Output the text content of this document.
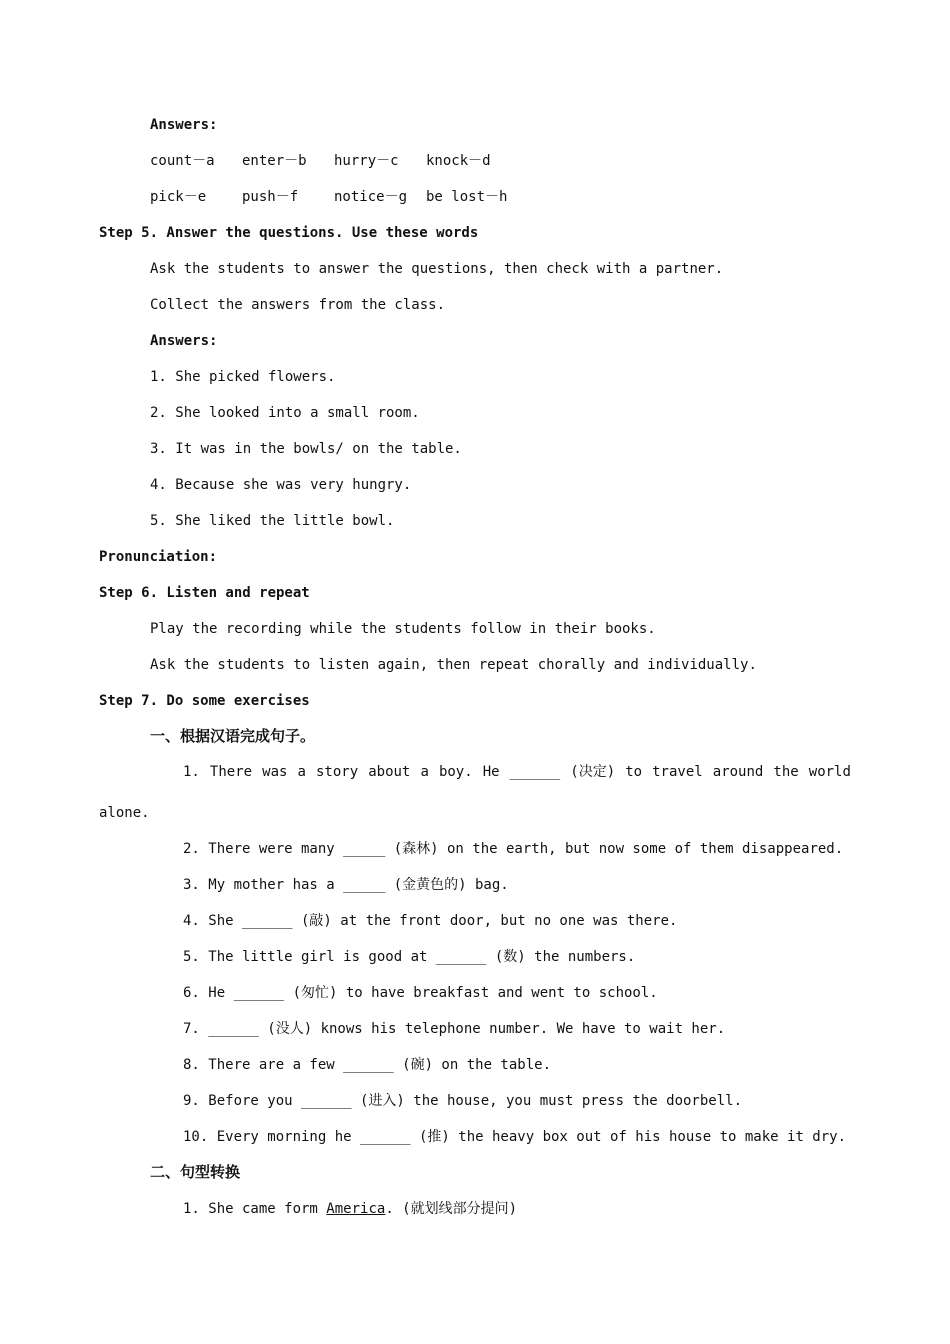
Answers:
count－a enter－b hurry－c knock－d
pick－e	push－f	notice－g be lost－h
Step 5. Answer the questions. Use these words
Ask the students to answer the questions, then check with a partner.
Collect the answers from the class.
Answers:
1. She picked flowers.
2. She looked into a small room.
3. It was in the bowls/ on the table.
4. Because she was very hungry.
5. She liked the little bowl.
Pronunciation:
Step 6. Listen and repeat
Play the recording while the students follow in their books.
Ask the students to listen again, then repeat chorally and individually.
Step 7. Do some exercises
一、根据汉语完成句子。
1. There was a story about a boy. He ______ (决定) to travel around the world
alone.
2. There were many _____ (森林) on the earth, but now some of them disappeared.
3. My mother has a _____ (金黄色的) bag.
4. She ______ (敲) at the front door, but no one was there.
5. The little girl is good at ______ (数) the numbers.
6. He ______ (匆忙) to have breakfast and went to school.
7. ______ (没人) knows his telephone number. We have to wait her.
8. There are a few ______ (碗) on the table.
9. Before you ______ (进入) the house, you must press the doorbell.
10. Every morning he ______ (推) the heavy box out of his house to make it dry.
二、句型转换
1. She came form America. (就划线部分提问)
